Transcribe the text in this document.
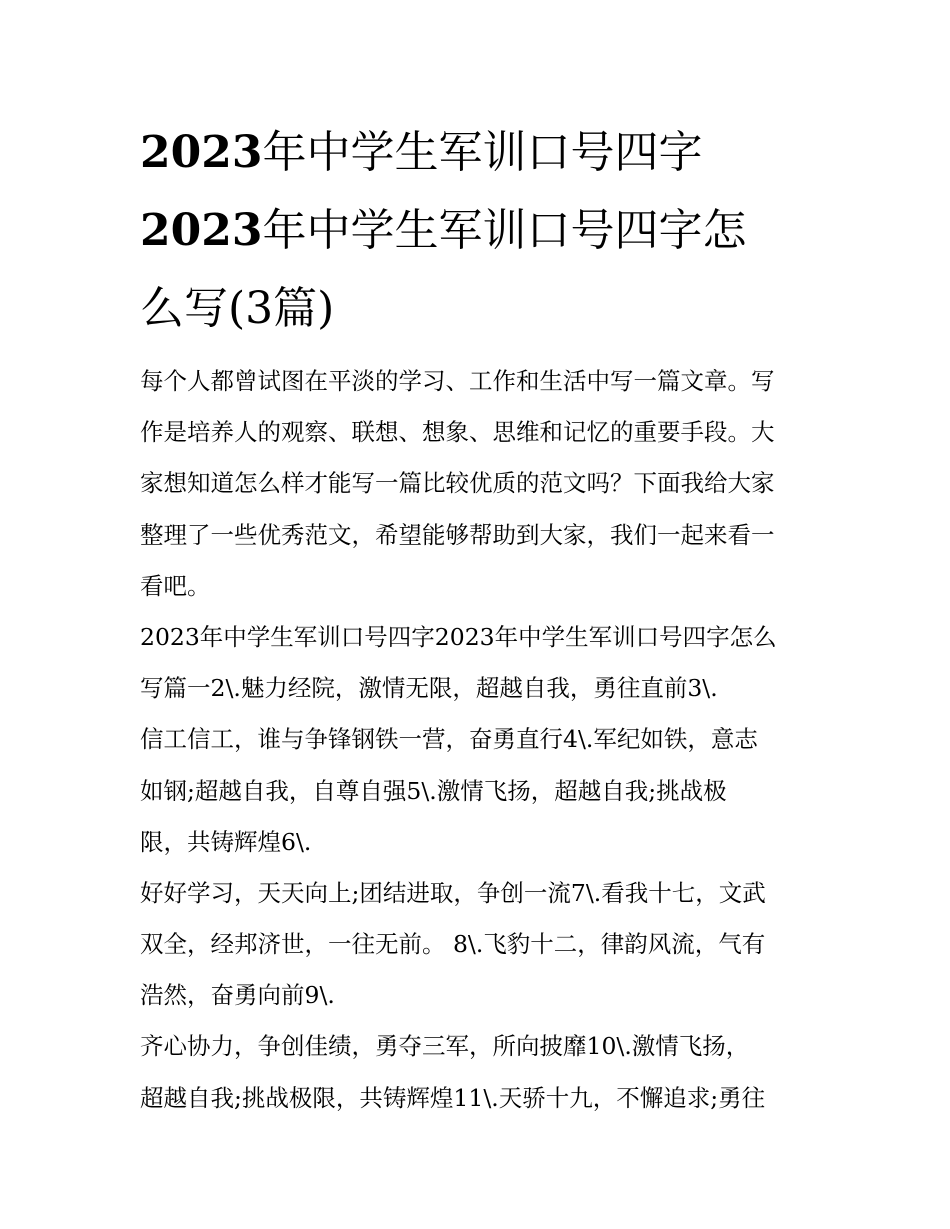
2023年中学生军训口号四字
2023年中学生军训口号四字怎
么写(3篇)
每个人都曾试图在平淡的学习、工作和生活中写一篇文章。写
作是培养人的观察、联想、想象、思维和记忆的重要手段。大
家想知道怎么样才能写一篇比较优质的范文吗？下面我给大家
整理了一些优秀范文，希望能够帮助到大家，我们一起来看一
看吧。
2023年中学生军训口号四字2023年中学生军训口号四字怎么
写篇一2\.魅力经院，激情无限，超越自我，勇往直前3\.
信工信工，谁与争锋钢铁一营，奋勇直行4\.军纪如铁，意志
如钢;超越自我，自尊自强5\.激情飞扬，超越自我;挑战极
限，共铸辉煌6\.
好好学习，天天向上;团结进取，争创一流7\.看我十七，文武
双全，经邦济世，一往无前。 8\.飞豹十二，律韵风流，气有
浩然，奋勇向前9\.
齐心协力，争创佳绩，勇夺三军，所向披靡10\.激情飞扬，
超越自我;挑战极限，共铸辉煌11\.天骄十九，不懈追求;勇往
